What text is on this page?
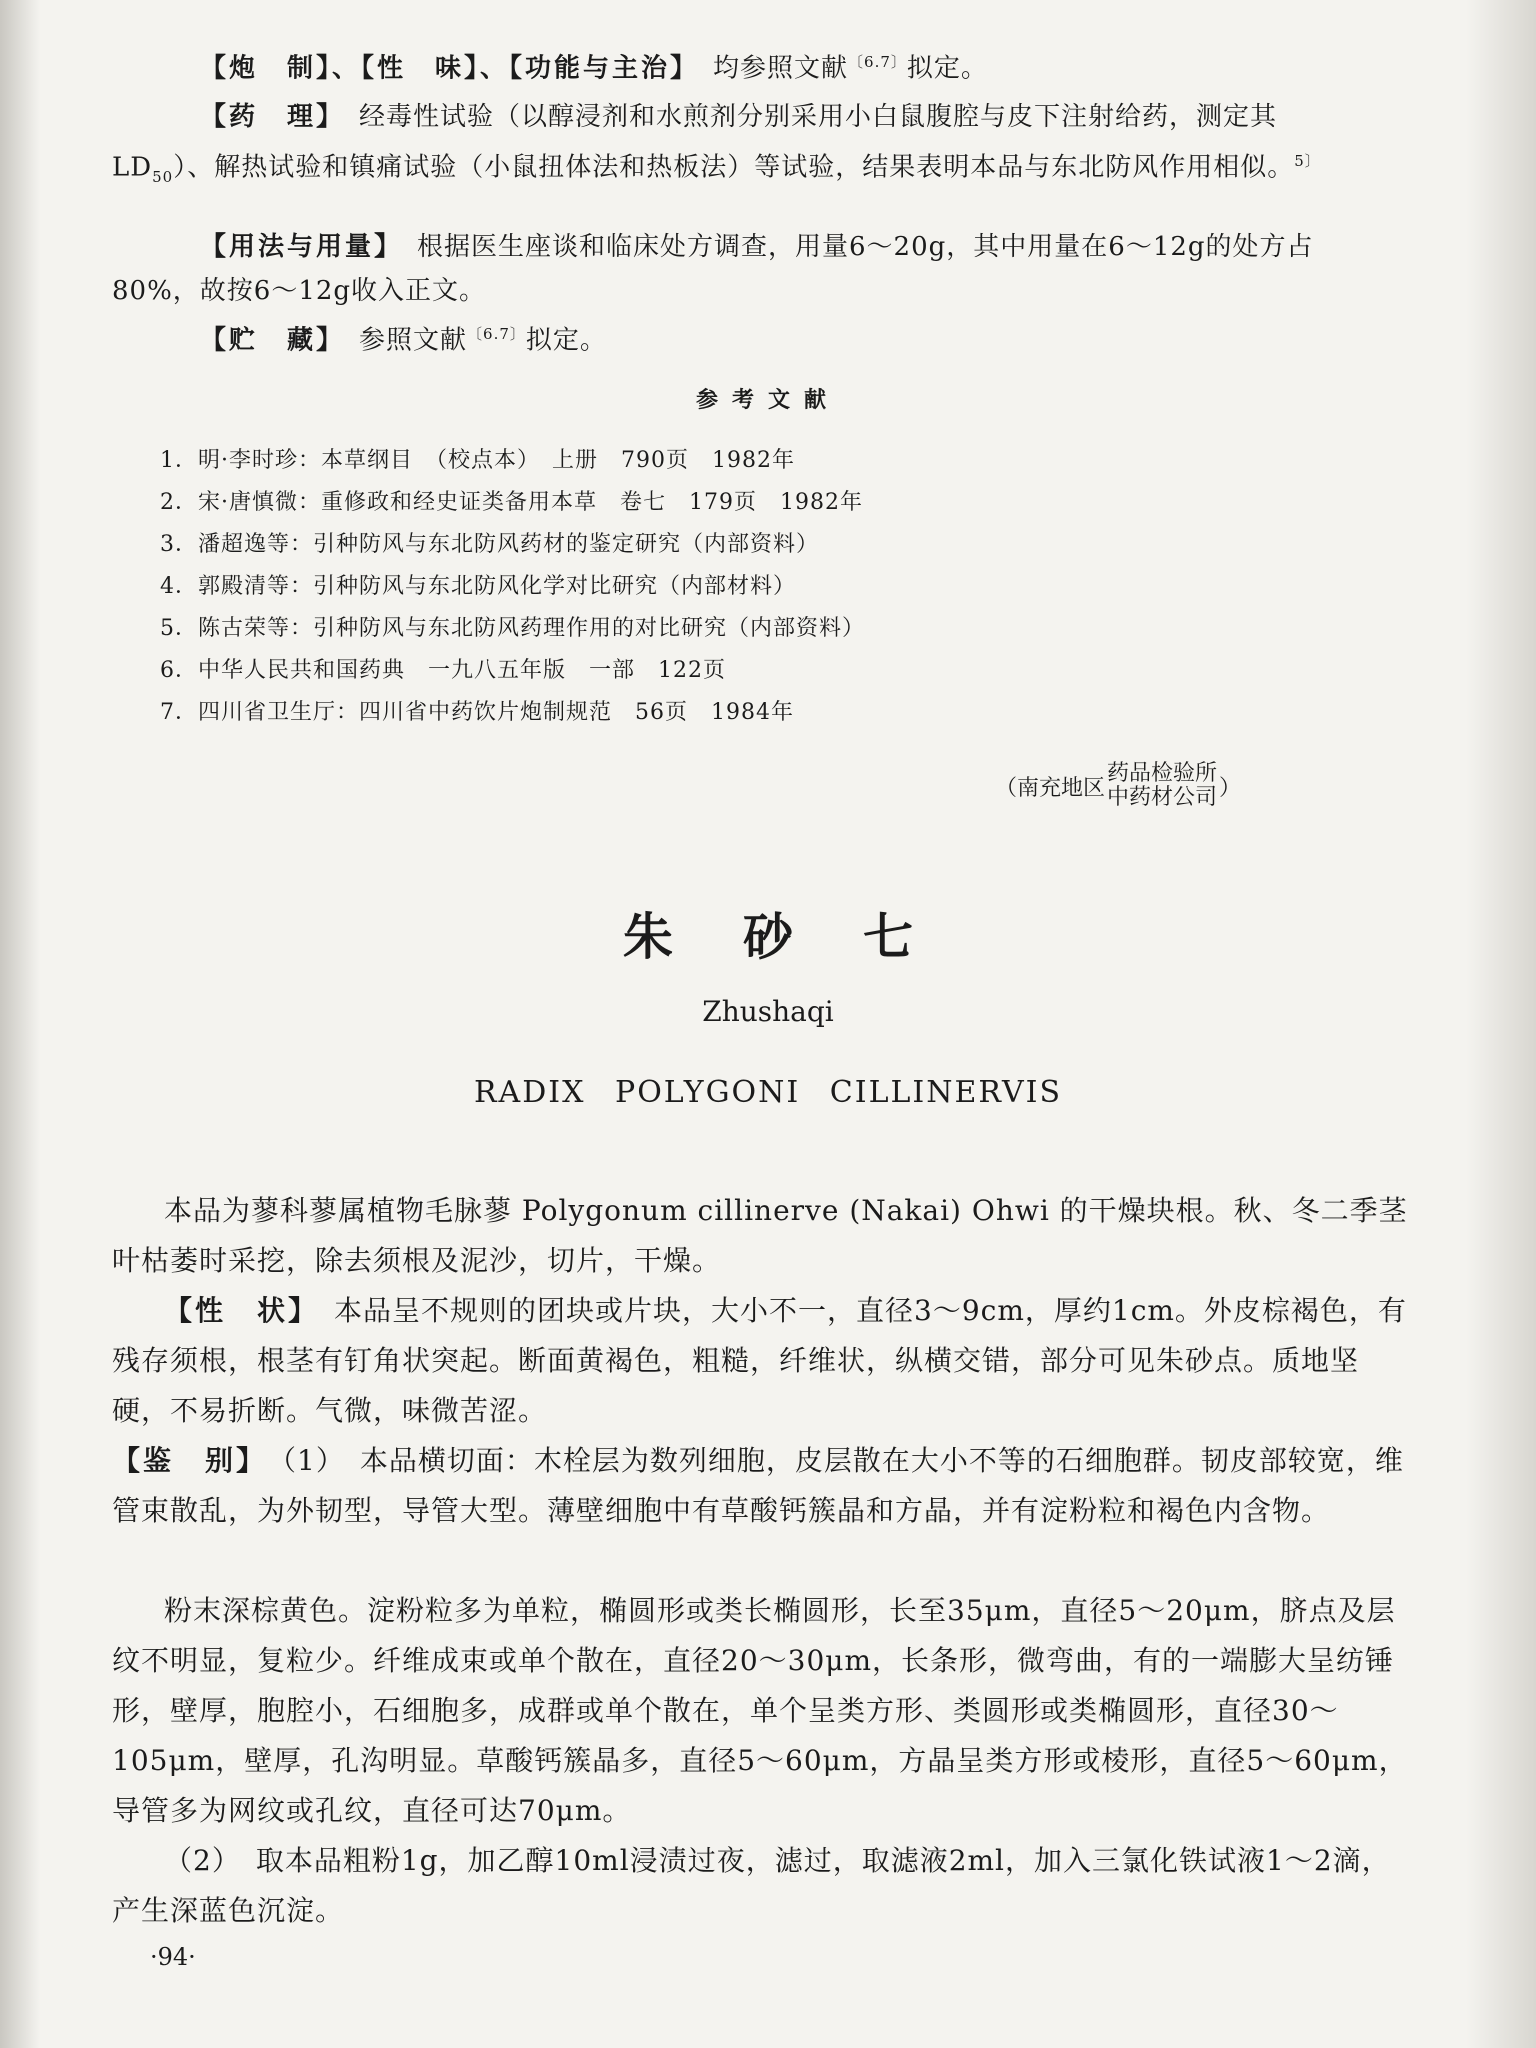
【炮　制】、【性　味】、【功能与主治】　均参照文献$^{〔6.7〕}$拟定。

【药　理】　经毒性试验（以醇浸剂和水煎剂分别采用小白鼠腹腔与皮下注射给药，测定其$LD_{50}$）、解热试验和镇痛试验（小鼠扭体法和热板法）等试验，结果表明本品与东北防风作用相似。$^{5〕}$

【用法与用量】　根据医生座谈和临床处方调查，用量6～20g，其中用量在6～12g的处方占80%，故按6～12g收入正文。

【贮　藏】　参照文献$^{〔6.7〕}$拟定。

参考文献
1．明·李时珍：本草纲目　（校点本）　上册　790页　1982年
2．宋·唐慎微：重修政和经史证类备用本草　卷七　179页　1982年
3．潘超逸等：引种防风与东北防风药材的鉴定研究（内部资料）
4．郭殿清等：引种防风与东北防风化学对比研究（内部材料）
5．陈古荣等：引种防风与东北防风药理作用的对比研究（内部资料）
6．中华人民共和国药典　一九八五年版　一部　122页
7．四川省卫生厅：四川省中药饮片炮制规范　56页　1984年
（南充地区
药品检验所
中药材公司 ）
朱砂七
Zhushaqi
RADIX POLYGONI CILLINERVIS

本品为蓼科蓼属植物毛脉蓼 Polygonum cillinerve (Nakai) Ohwi 的干燥块根。秋、冬二季茎叶枯萎时采挖，除去须根及泥沙，切片，干燥。

【性　状】　本品呈不规则的团块或片块，大小不一，直径3～9cm，厚约1cm。外皮棕褐色，有残存须根，根茎有钉角状突起。断面黄褐色，粗糙，纤维状，纵横交错，部分可见朱砂点。质地坚硬，不易折断。气微，味微苦涩。

【鉴　别】　（1）　本品横切面：木栓层为数列细胞，皮层散在大小不等的石细胞群。韧皮部较宽，维管束散乱，为外韧型，导管大型。薄壁细胞中有草酸钙簇晶和方晶，并有淀粉粒和褐色内含物。

粉末深棕黄色。淀粉粒多为单粒，椭圆形或类长椭圆形，长至35μm，直径5～20μm，脐点及层纹不明显，复粒少。纤维成束或单个散在，直径20～30μm，长条形，微弯曲，有的一端膨大呈纺锤形，壁厚，胞腔小，石细胞多，成群或单个散在，单个呈类方形、类圆形或类椭圆形，直径30～105μm，壁厚，孔沟明显。草酸钙簇晶多，直径5～60μm，方晶呈类方形或棱形，直径5～60μm，导管多为网纹或孔纹，直径可达70μm。

（2）　取本品粗粉1g，加乙醇10ml浸渍过夜，滤过，取滤液2ml，加入三氯化铁试液1～2滴，产生深蓝色沉淀。

·94·
